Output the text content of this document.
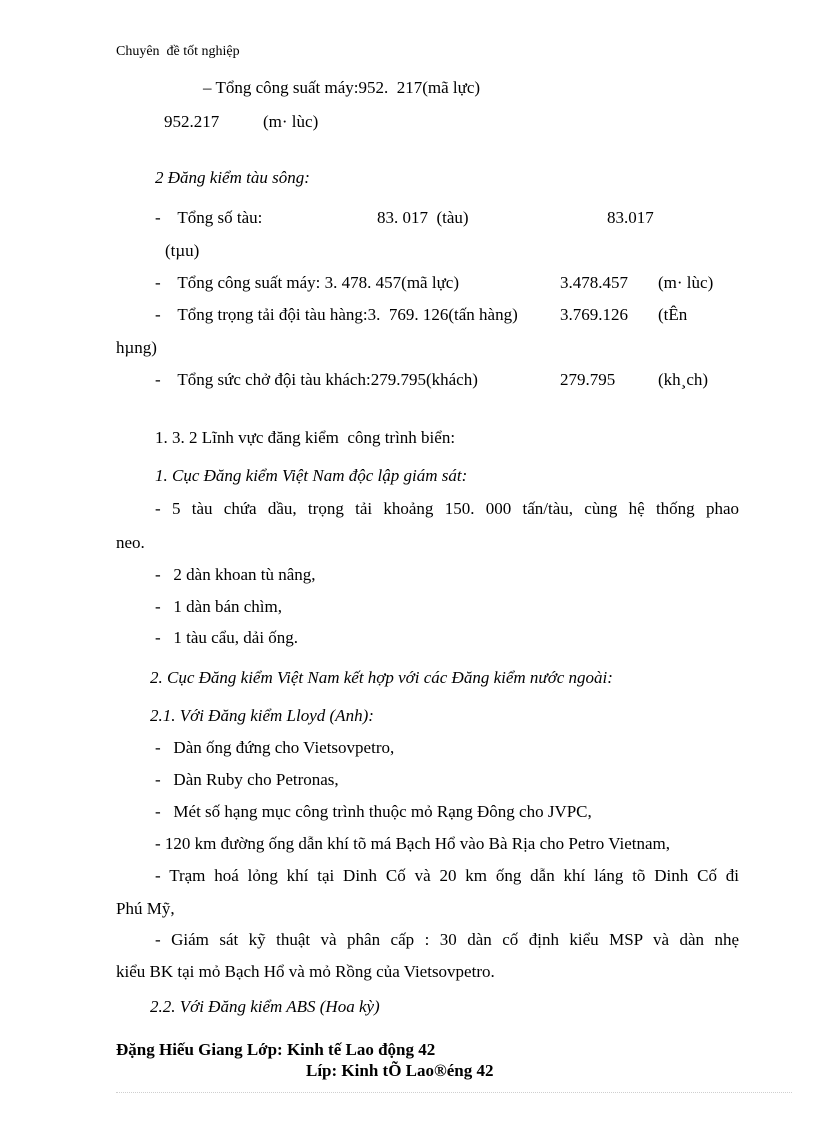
Chuyên  đề tốt nghiệp
– Tổng công suất máy:952.  217(mã lực)
952.217	(m· lùc)
2 Đăng kiểm tàu sông:
-    Tổng số tàu:	83. 017  (tàu)	83.017
(tµu)
-    Tổng công suất máy: 3. 478. 457(mã lực)	3.478.457 (m· lùc)
-    Tổng trọng tải đội tàu hàng:3.  769. 126(tấn hàng) 3.769.126 (tÊn
hµng)
-    Tổng sức chở đội tàu khách:279.795(khách)	279.795	(kh¸ch)
1. 3. 2 Lĩnh vực đăng kiểm  công trình biển:
1. Cục Đăng kiểm Việt Nam độc lập giám sát:
- 5 tàu chứa dầu, trọng tải khoảng 150. 000 tấn/tàu, cùng hệ thống phao
neo.
-   2 dàn khoan tù nâng,
-   1 dàn bán chìm,
-   1 tàu cẩu, dải ống.
2. Cục Đăng kiểm Việt Nam kết hợp với các Đăng kiểm nước ngoài:
2.1. Với Đăng kiểm Lloyd (Anh):
-   Dàn ống đứng cho Vietsovpetro,
-   Dàn Ruby cho Petronas,
-   Mét số hạng mục công trình thuộc mỏ Rạng Đông cho JVPC,
- 120 km đường ống dẫn khí tõ má Bạch Hổ vào Bà Rịa cho Petro Vietnam,
- Trạm hoá lỏng khí tại Dinh Cố và 20 km ống dẫn khí láng tõ Dinh Cố đi
Phú Mỹ,
- Giám sát kỹ thuật và phân cấp : 30 dàn cố định kiểu MSP và dàn nhẹ
kiểu BK tại mỏ Bạch Hổ và mỏ Rồng của Vietsovpetro.
2.2. Với Đăng kiểm ABS (Hoa kỳ)
Đặng Hiếu Giang Lớp: Kinh tế Lao động 42
Líp: Kinh tÕ Lao®éng 42
